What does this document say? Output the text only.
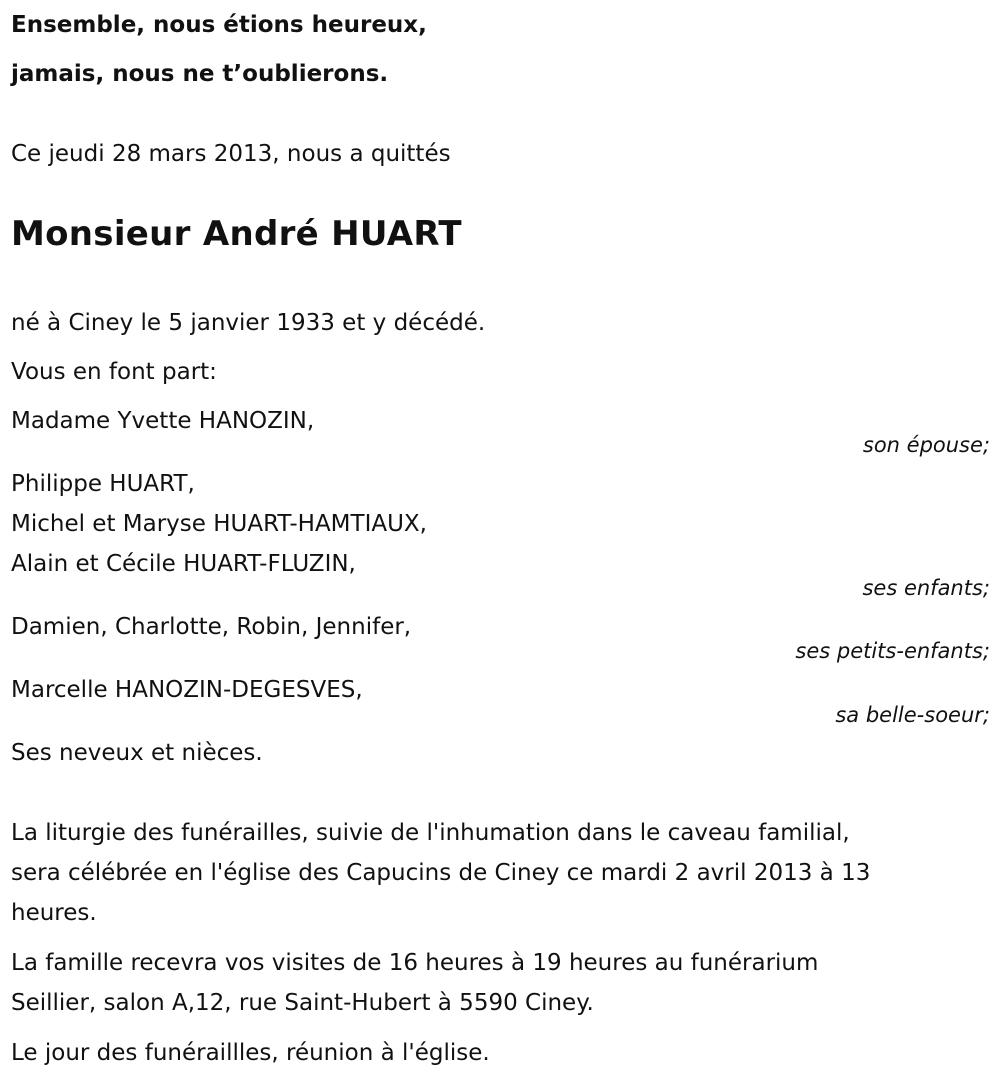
Ensemble, nous étions heureux,
jamais, nous ne t’oublierons.
Ce jeudi 28 mars 2013, nous a quittés
Monsieur André HUART
né à Ciney le 5 janvier 1933 et y décédé.
Vous en font part:
Madame Yvette HANOZIN,
son épouse;
Philippe HUART,
Michel et Maryse HUART-HAMTIAUX,
Alain et Cécile HUART-FLUZIN,
ses enfants;
Damien, Charlotte, Robin, Jennifer,
ses petits-enfants;
Marcelle HANOZIN-DEGESVES,
sa belle-soeur;
Ses neveux et nièces.
La liturgie des funérailles, suivie de l'inhumation dans le caveau familial,
sera célébrée en l'église des Capucins de Ciney ce mardi 2 avril 2013 à 13
heures.
La famille recevra vos visites de 16 heures à 19 heures au funérarium
Seillier, salon A,12, rue Saint-Hubert à 5590 Ciney.
Le jour des funéraillles, réunion à l'église.
